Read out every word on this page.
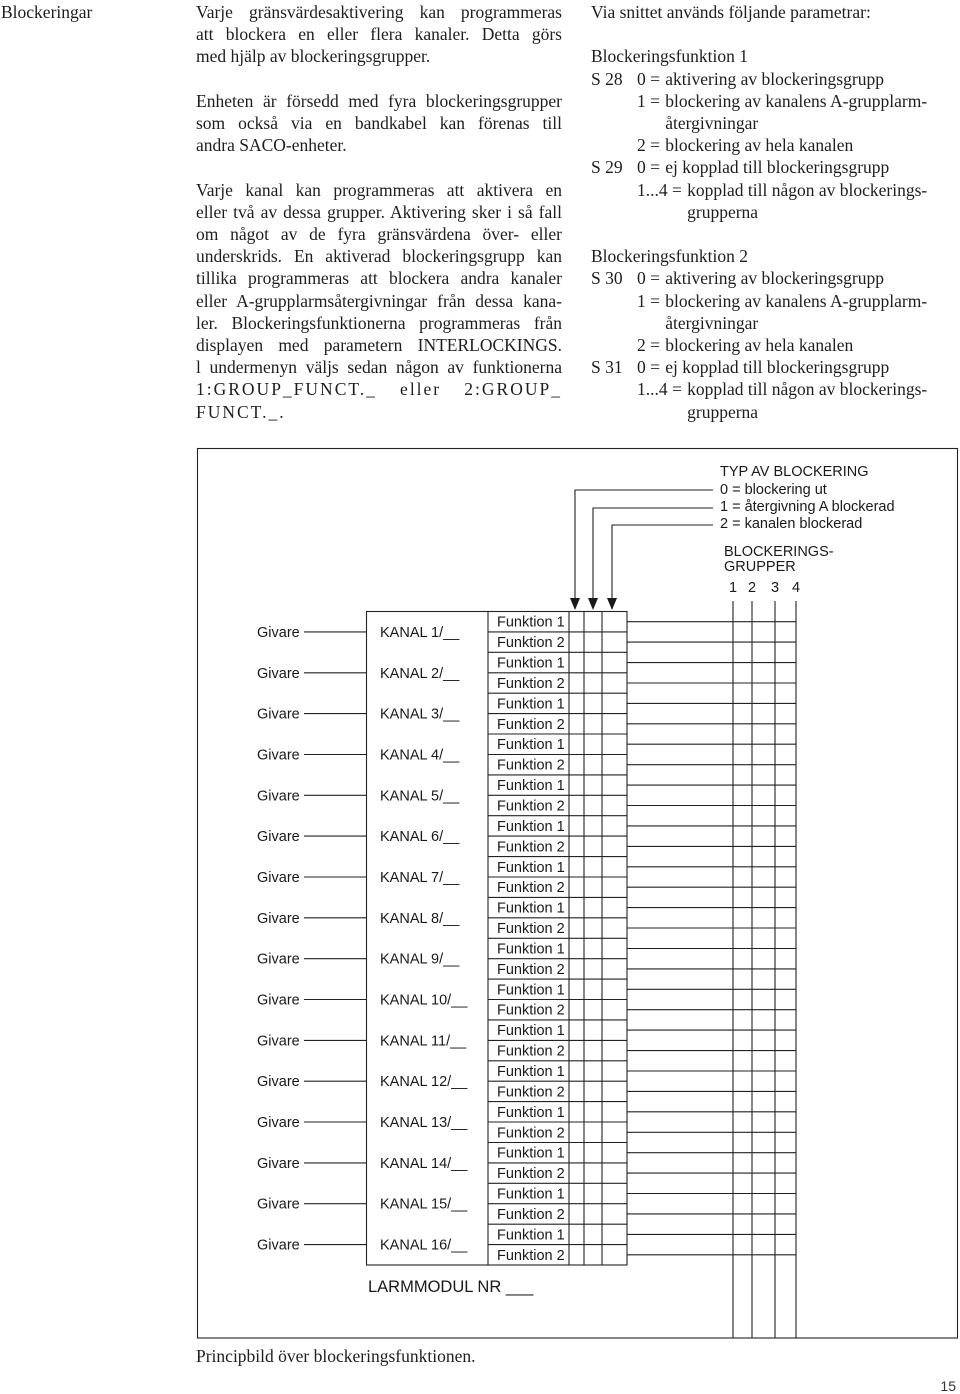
TYP AV BLOCKERING
0 = blockering ut
1 = återgivning A blockerad
2 = kanalen blockerad
BLOCKERINGS-
GRUPPER
1 2 3 4
Givare	KANAL 1/__
Funktion 1
Funktion 2
Givare	KANAL 2/__
Funktion 1
Funktion 2
Givare	KANAL 3/__
Funktion 1
Funktion 2
Givare	KANAL 4/__
Funktion 1
Funktion 2
Givare	KANAL 5/__
Funktion 1
Funktion 2
Givare	KANAL 6/__
Funktion 1
Funktion 2
Givare	KANAL 7/__
Funktion 1
Funktion 2
Givare	KANAL 8/__
Funktion 1
Funktion 2
Givare	KANAL 9/__
Funktion 1
Funktion 2
Givare	KANAL 10/__
Funktion 1
Funktion 2
Givare	KANAL 11/__
Funktion 1
Funktion 2
Givare	KANAL 12/__
Funktion 1
Funktion 2
Givare	KANAL 13/__
Funktion 1
Funktion 2
Givare	KANAL 14/__
Funktion 1
Funktion 2
Givare	KANAL 15/__
Funktion 1
Funktion 2
Givare	KANAL 16/__
Funktion 1
Funktion 2
LARMMODUL NR ___
Blockeringar	Varje gränsvärdesaktivering kan programmeras
att blockera en eller flera kanaler. Detta görs
med hjälp av blockeringsgrupper.
Enheten är försedd med fyra blockeringsgrupper
som också via en bandkabel kan förenas till
andra SACO-enheter.
Varje kanal kan programmeras att aktivera en
eller två av dessa grupper. Aktivering sker i så fall
om något av de fyra gränsvärdena över- eller
underskrids. En aktiverad blockeringsgrupp kan
tillika programmeras att blockera andra kanaler
eller A-grupplarmsåtergivningar från dessa kana-
ler. Blockeringsfunktionerna programmeras från
displayen med parametern INTERLOCKINGS.
l undermenyn väljs sedan någon av funktionerna
1:GROUP_FUNCT._ eller 2:GROUP_
FUNCT._.
Via snittet används följande parametrar:
Blockeringsfunktion 1
S 28 0 = aktivering av blockeringsgrupp
1 = blockering av kanalens A-grupplarm-
återgivningar
2 = blockering av hela kanalen
S 29 0 = ej kopplad till blockeringsgrupp
1...4 = kopplad till någon av blockerings-
grupperna
Blockeringsfunktion 2
S 30 0 = aktivering av blockeringsgrupp
1 = blockering av kanalens A-grupplarm-
återgivningar
2 = blockering av hela kanalen
S 31 0 = ej kopplad till blockeringsgrupp
1...4 = kopplad till någon av blockerings-
grupperna
Principbild över blockeringsfunktionen.
15
